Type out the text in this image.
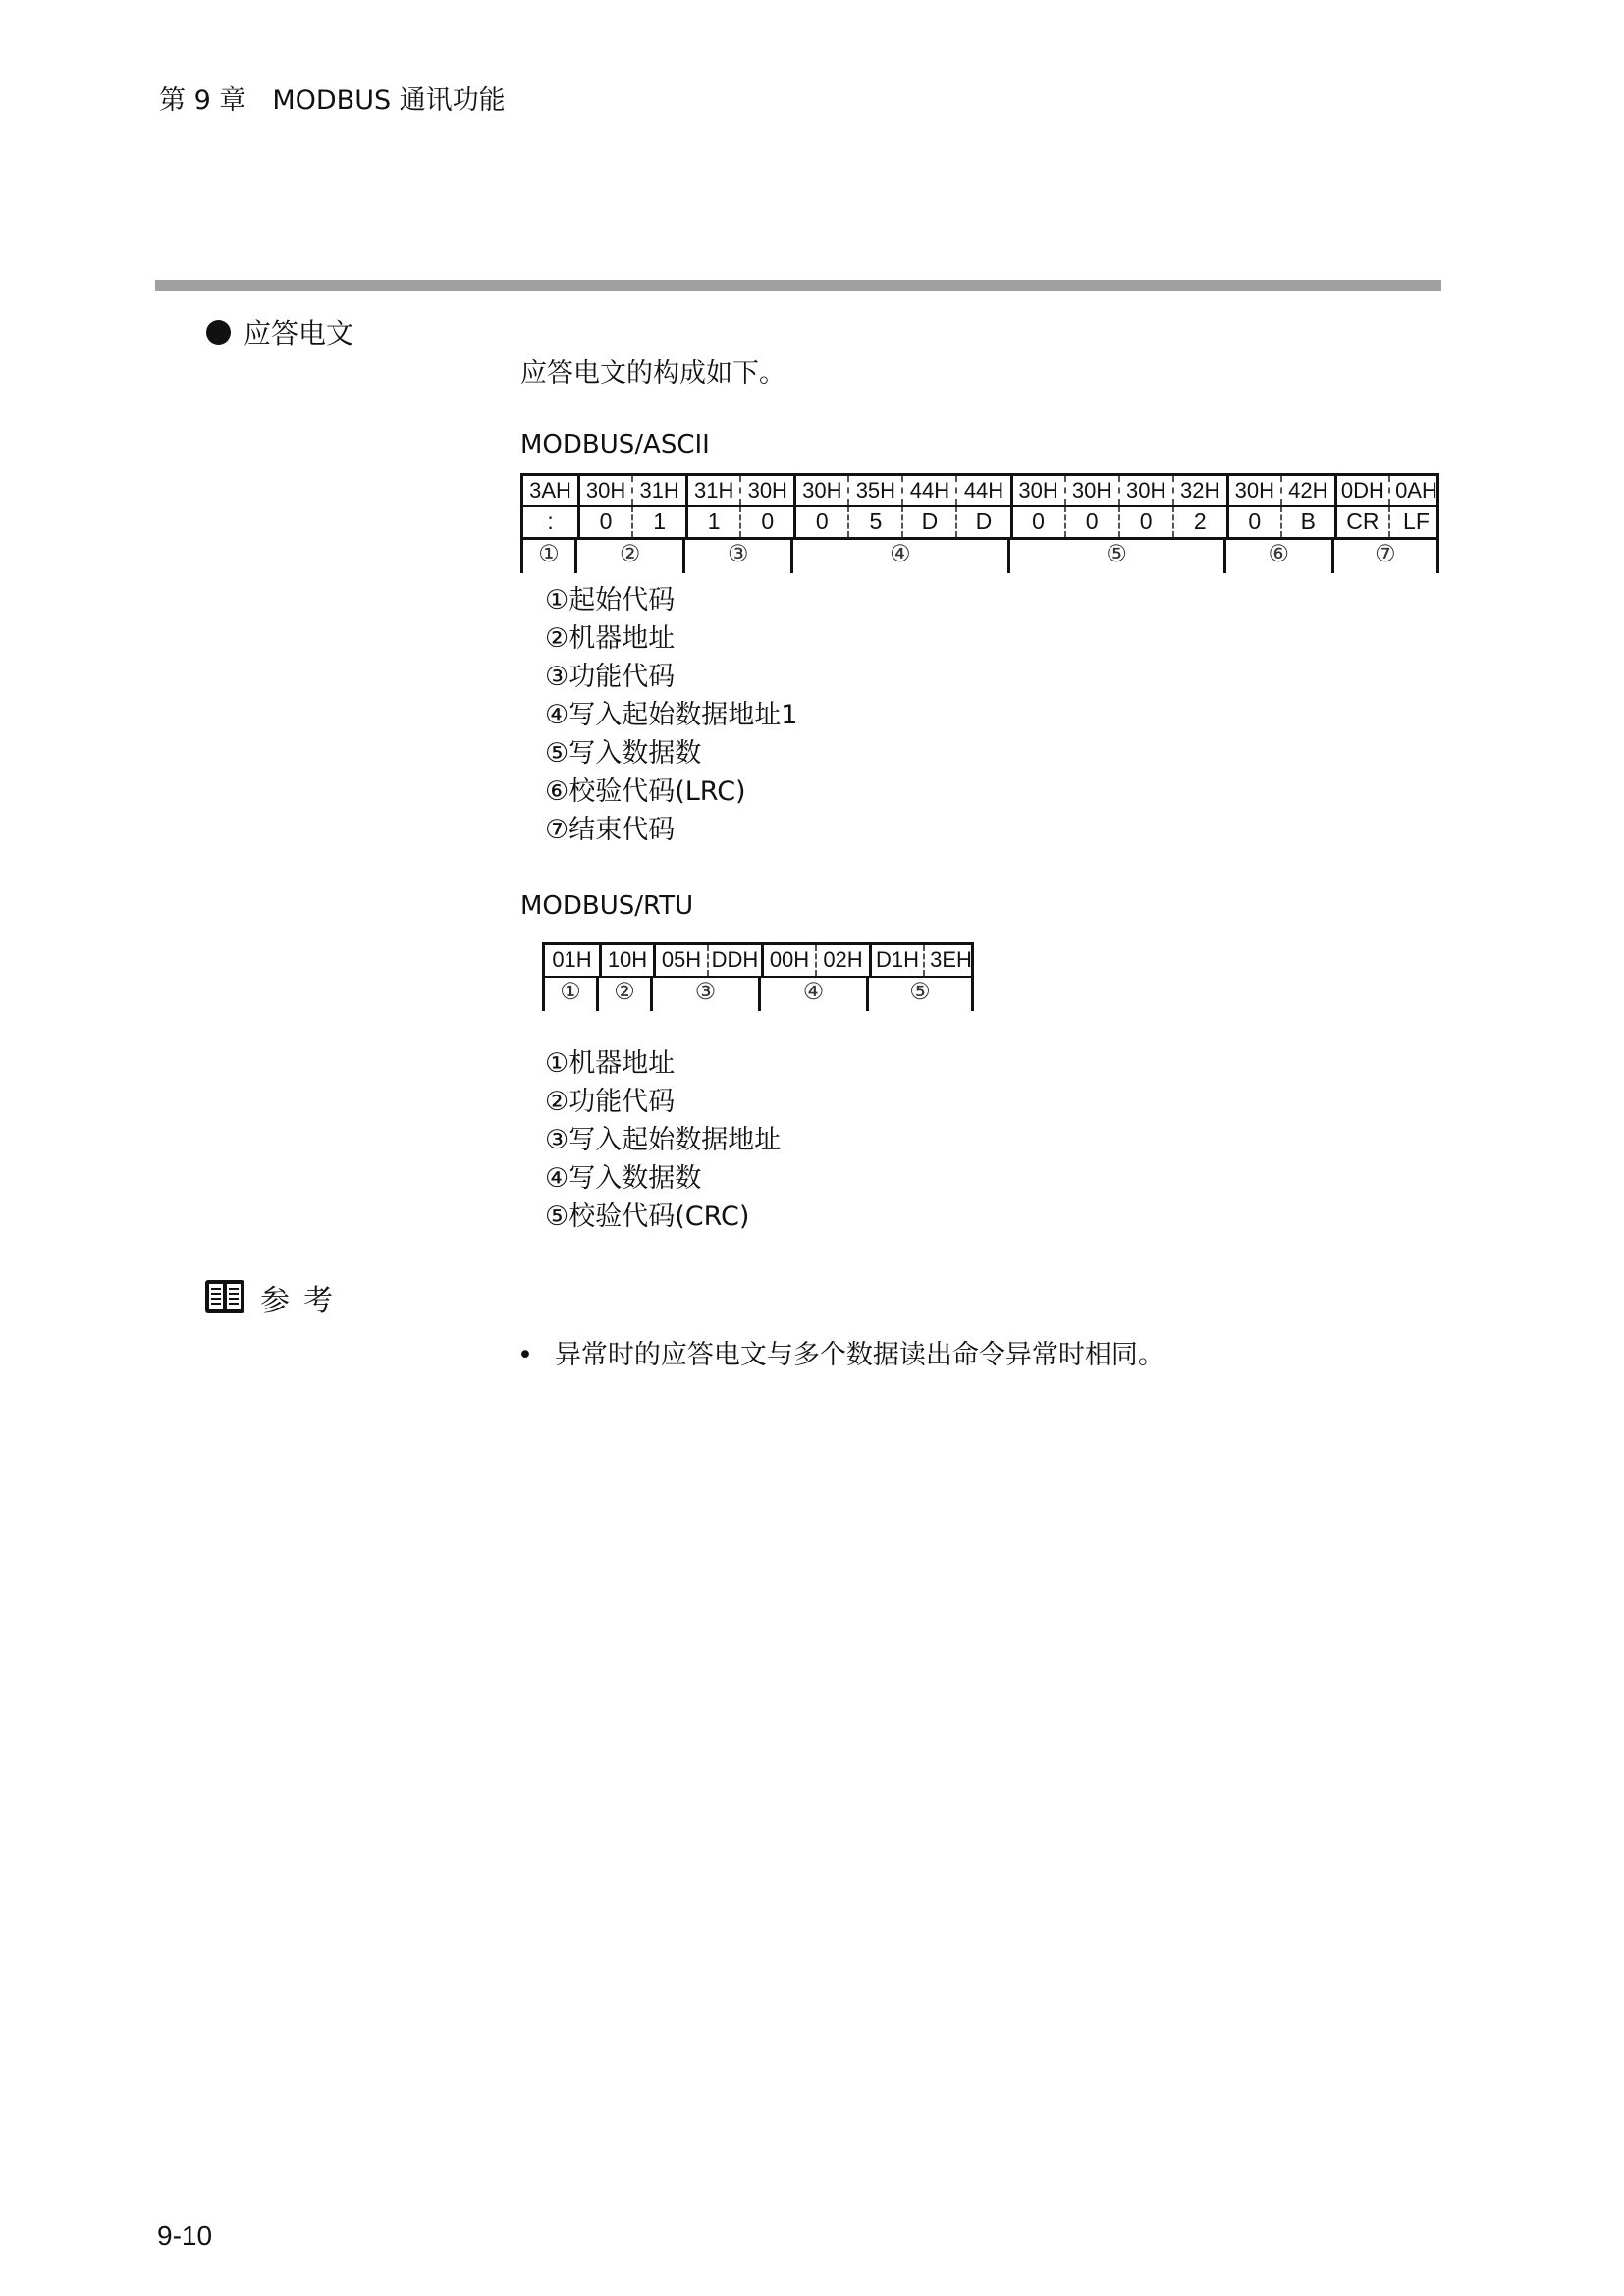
第 9 章　MODBUS 通讯功能
应答电文
应答电文的构成如下。
MODBUS/ASCII
3AH 30H 31H 31H 30H 30H 35H 44H 44H 30H 30H 30H 32H 30H 42H 0DH 0AH
:	0	1	1	0	0	5	D	D	0	0	0	2	0	B	CR	LF
①	②	③	④	⑤	⑥	⑦
①起始代码
②机器地址
③功能代码
④写入起始数据地址1
⑤写入数据数
⑥校验代码(LRC)
⑦结束代码
MODBUS/RTU
01H 10H 05H DDH 00H 02H D1H 3EH
①	②	③	④	⑤
①机器地址
②功能代码
③写入起始数据地址
④写入数据数
⑤校验代码(CRC)
参考
• 异常时的应答电文与多个数据读出命令异常时相同。
9-10
